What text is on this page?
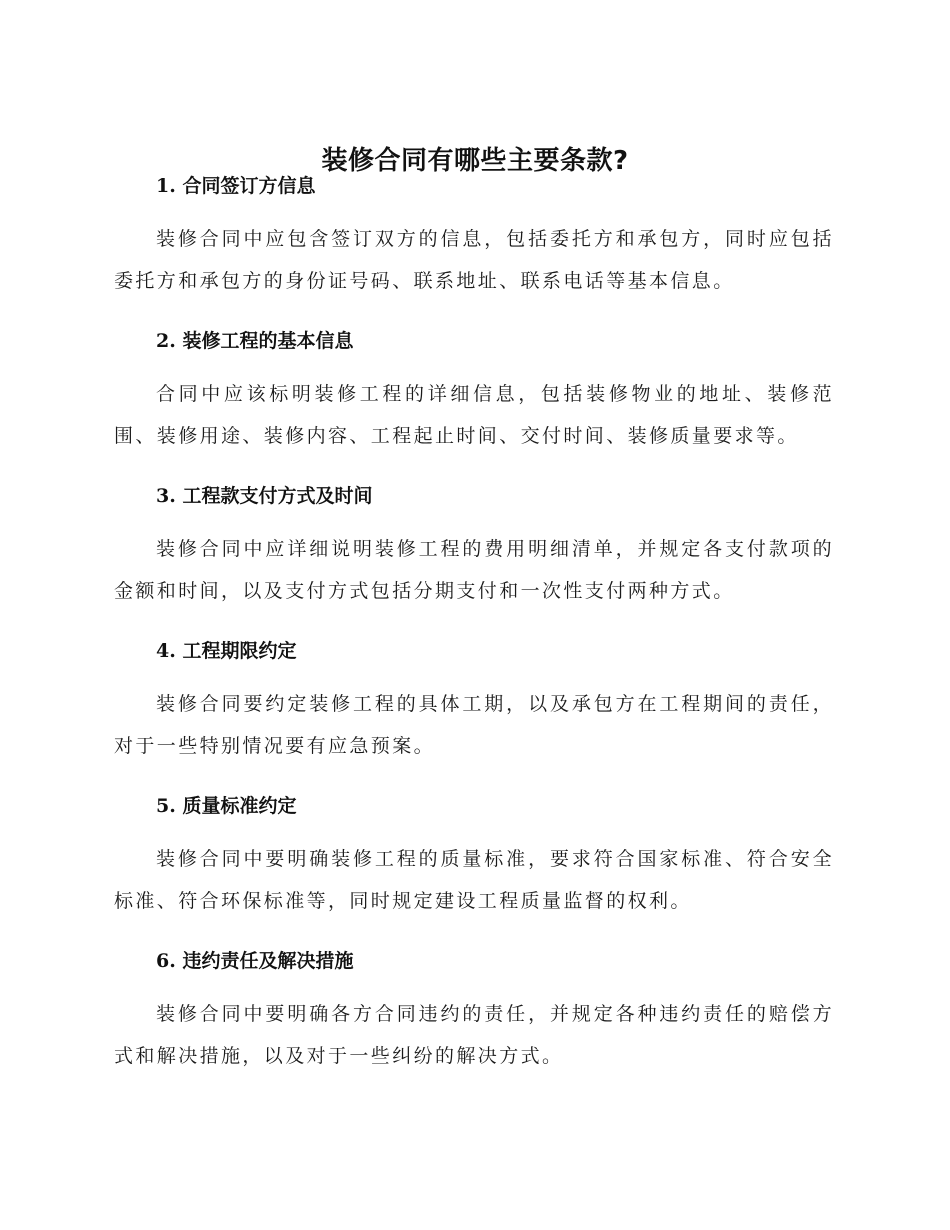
装修合同有哪些主要条款?
1. 合同签订方信息

装修合同中应包含签订双方的信息，包括委托方和承包方，同时应包括委托方和承包方的身份证号码、联系地址、联系电话等基本信息。

2. 装修工程的基本信息

合同中应该标明装修工程的详细信息，包括装修物业的地址、装修范围、装修用途、装修内容、工程起止时间、交付时间、装修质量要求等。

3. 工程款支付方式及时间

装修合同中应详细说明装修工程的费用明细清单，并规定各支付款项的金额和时间，以及支付方式包括分期支付和一次性支付两种方式。

4. 工程期限约定

装修合同要约定装修工程的具体工期，以及承包方在工程期间的责任，对于一些特别情况要有应急预案。

5. 质量标准约定

装修合同中要明确装修工程的质量标准，要求符合国家标准、符合安全标准、符合环保标准等，同时规定建设工程质量监督的权利。

6. 违约责任及解决措施

装修合同中要明确各方合同违约的责任，并规定各种违约责任的赔偿方式和解决措施，以及对于一些纠纷的解决方式。
